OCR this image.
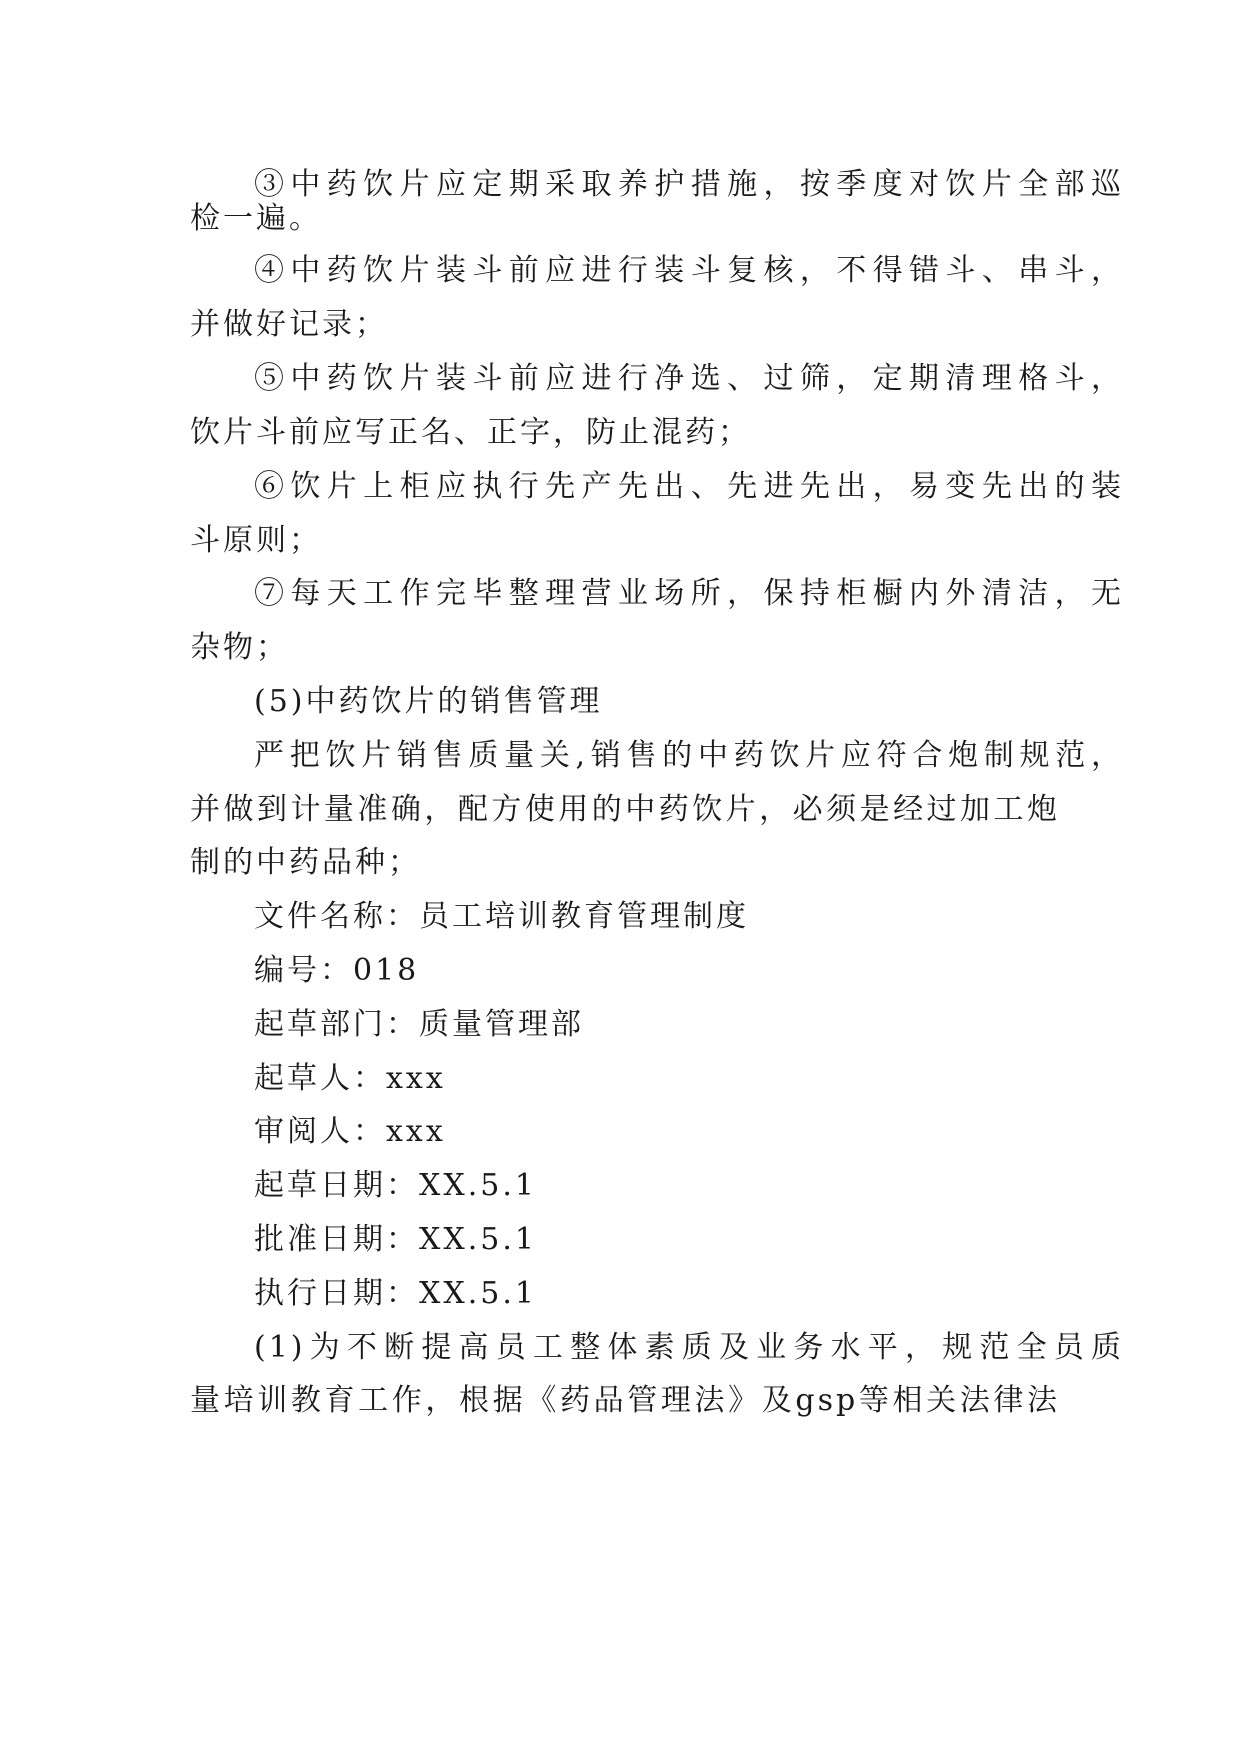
③中药饮片应定期采取养护措施，按季度对饮片全部巡
检一遍。
④中药饮片装斗前应进行装斗复核，不得错斗、串斗，
并做好记录；
⑤中药饮片装斗前应进行净选、过筛，定期清理格斗，
饮片斗前应写正名、正字，防止混药；
⑥饮片上柜应执行先产先出、先进先出，易变先出的装
斗原则；
⑦每天工作完毕整理营业场所，保持柜橱内外清洁，无
杂物；
(5)中药饮片的销售管理
严把饮片销售质量关,销售的中药饮片应符合炮制规范，
并做到计量准确，配方使用的中药饮片，必须是经过加工炮
制的中药品种；
文件名称：员工培训教育管理制度
编号：018
起草部门：质量管理部
起草人：xxx
审阅人：xxx
起草日期：XX.5.1
批准日期：XX.5.1
执行日期：XX.5.1
(1)为不断提高员工整体素质及业务水平，规范全员质
量培训教育工作，根据《药品管理法》及gsp等相关法律法
